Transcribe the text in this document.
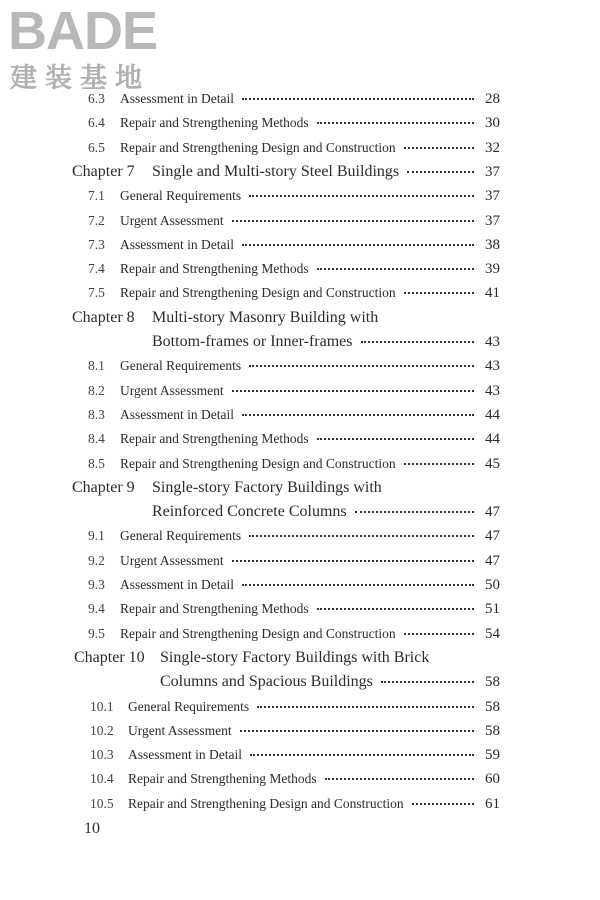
BADE
建装基地
6.3 Assessment in Detail	28
6.4 Repair and Strengthening Methods	30
6.5 Repair and Strengthening Design and Construction	32
Chapter 7 Single and Multi-story Steel Buildings	37
7.1 General Requirements	37
7.2 Urgent Assessment	37
7.3 Assessment in Detail	38
7.4 Repair and Strengthening Methods	39
7.5 Repair and Strengthening Design and Construction	41
Chapter 8 Multi-story Masonry Building with
Bottom-frames or Inner-frames	43
8.1 General Requirements	43
8.2 Urgent Assessment	43
8.3 Assessment in Detail	44
8.4 Repair and Strengthening Methods	44
8.5 Repair and Strengthening Design and Construction	45
Chapter 9 Single-story Factory Buildings with
Reinforced Concrete Columns	47
9.1 General Requirements	47
9.2 Urgent Assessment	47
9.3 Assessment in Detail	50
9.4 Repair and Strengthening Methods	51
9.5 Repair and Strengthening Design and Construction	54
Chapter 10 Single-story Factory Buildings with Brick
Columns and Spacious Buildings	58
10.1 General Requirements	58
10.2 Urgent Assessment	58
10.3 Assessment in Detail	59
10.4 Repair and Strengthening Methods	60
10.5 Repair and Strengthening Design and Construction	61
10
